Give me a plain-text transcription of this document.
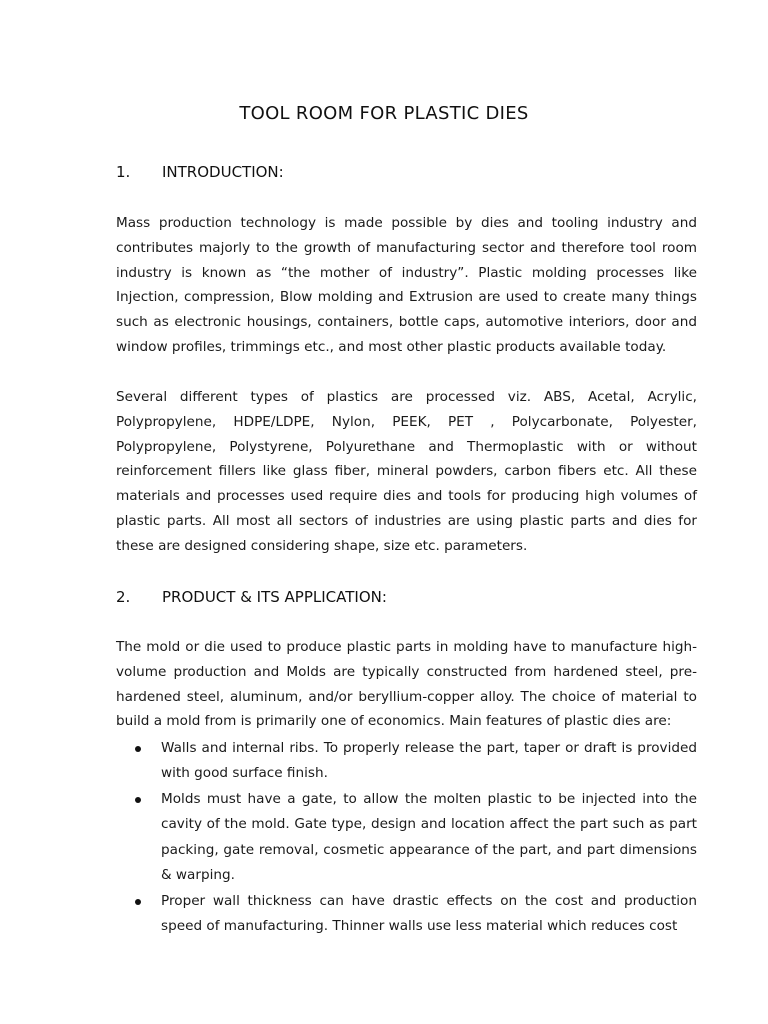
TOOL ROOM FOR PLASTIC DIES
1. INTRODUCTION:

Mass production technology is made possible by dies and tooling industry and contributes majorly to the growth of manufacturing sector and therefore tool room industry is known as “the mother of industry”. Plastic molding processes like Injection, compression, Blow molding and Extrusion are used to create many things such as electronic housings, containers, bottle caps, automotive interiors, door and window profiles, trimmings etc., and most other plastic products available today.

Several different types of plastics are processed viz. ABS, Acetal, Acrylic, Polypropylene, HDPE/LDPE, Nylon, PEEK, PET , Polycarbonate, Polyester, Polypropylene, Polystyrene, Polyurethane and Thermoplastic with or without reinforcement fillers like glass fiber, mineral powders, carbon fibers etc. All these materials and processes used require dies and tools for producing high volumes of plastic parts. All most all sectors of industries are using plastic parts and dies for these are designed considering shape, size etc. parameters.

2. PRODUCT & ITS APPLICATION:

The mold or die used to produce plastic parts in molding have to manufacture high-volume production and Molds are typically constructed from hardened steel, pre-hardened steel, aluminum, and/or beryllium-copper alloy. The choice of material to build a mold from is primarily one of economics. Main features of plastic dies are:

Walls and internal ribs. To properly release the part, taper or draft is provided with good surface finish.
Molds must have a gate, to allow the molten plastic to be injected into the cavity of the mold. Gate type, design and location affect the part such as part packing, gate removal, cosmetic appearance of the part, and part dimensions & warping.
Proper wall thickness can have drastic effects on the cost and production speed of manufacturing. Thinner walls use less material which reduces cost
